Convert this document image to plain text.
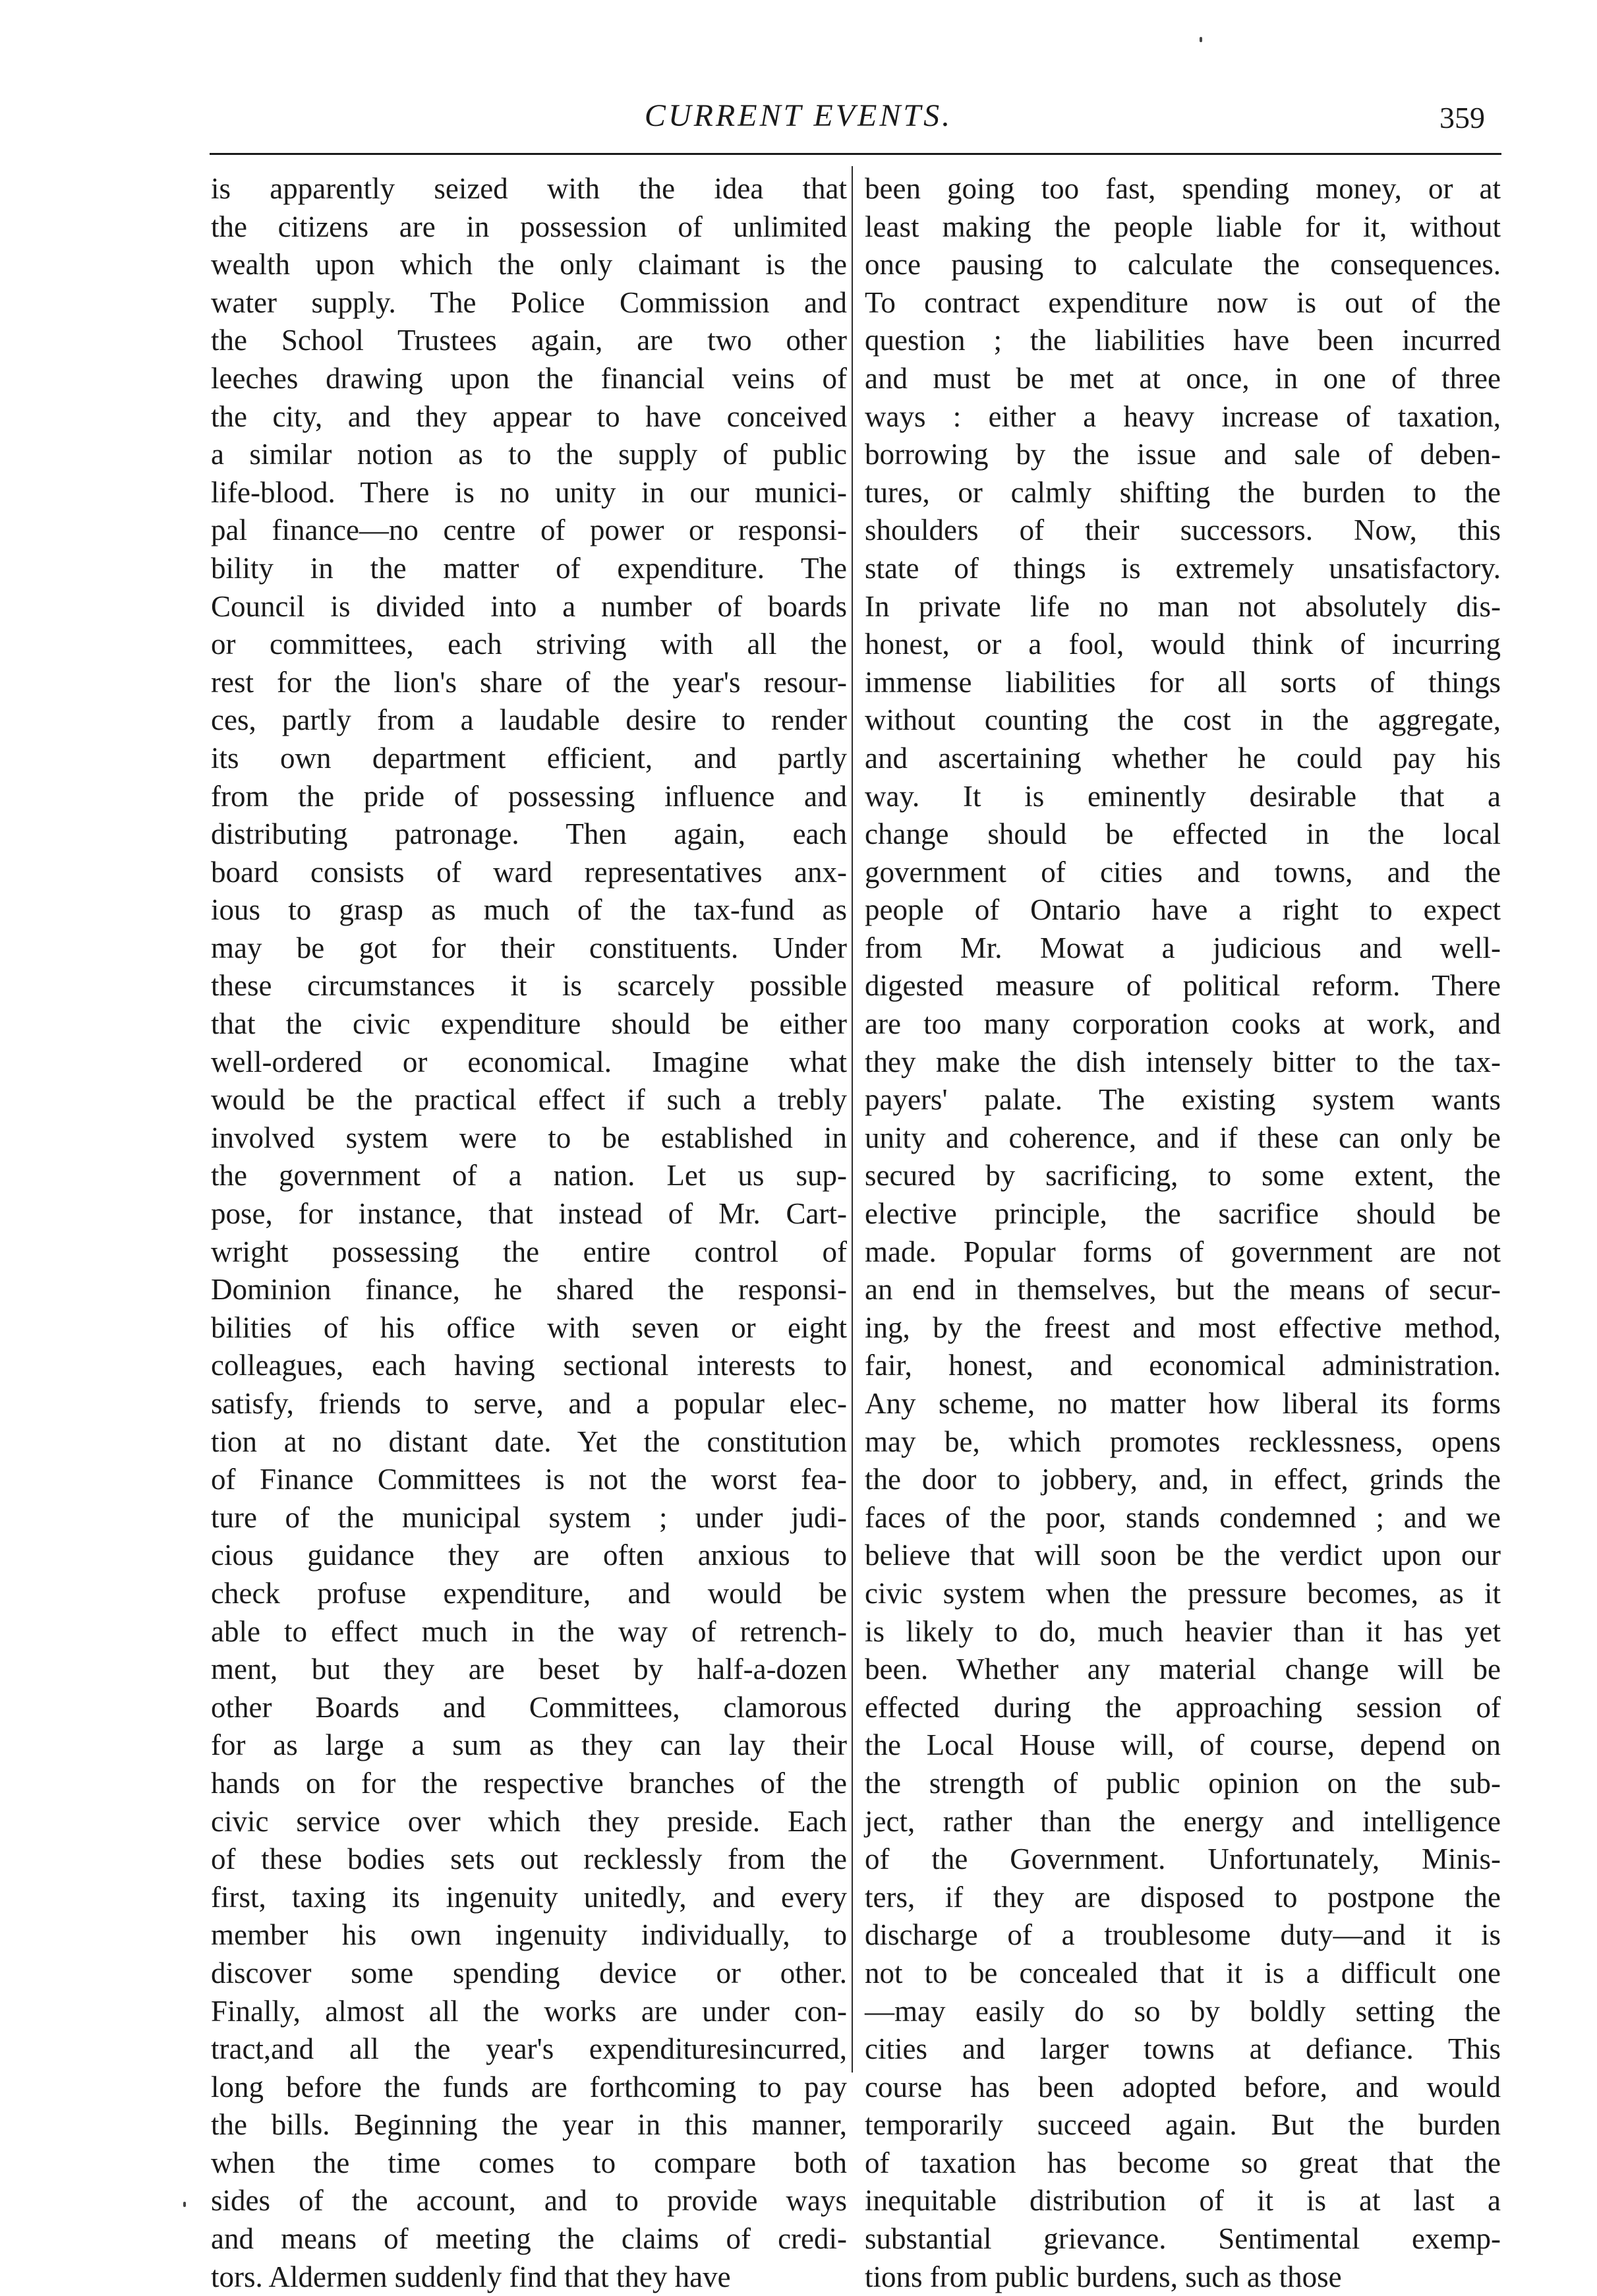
CURRENT EVENTS.	359
is apparently seized with the idea that
the citizens are in possession of unlimited
wealth upon which the only claimant is the
water supply. The Police Commission and
the School Trustees again, are two other
leeches drawing upon the financial veins of
the city, and they appear to have conceived
a similar notion as to the supply of public
life-blood. There is no unity in our munici-
pal finance—no centre of power or responsi-
bility in the matter of expenditure. The
Council is divided into a number of boards
or committees, each striving with all the
rest for the lion's share of the year's resour-
ces, partly from a laudable desire to render
its own department efficient, and partly
from the pride of possessing influence and
distributing patronage. Then again, each
board consists of ward representatives anx-
ious to grasp as much of the tax-fund as
may be got for their constituents. Under
these circumstances it is scarcely possible
that the civic expenditure should be either
well-ordered or economical. Imagine what
would be the practical effect if such a trebly
involved system were to be established in
the government of a nation. Let us sup-
pose, for instance, that instead of Mr. Cart-
wright possessing the entire control of
Dominion finance, he shared the responsi-
bilities of his office with seven or eight
colleagues, each having sectional interests to
satisfy, friends to serve, and a popular elec-
tion at no distant date. Yet the constitution
of Finance Committees is not the worst fea-
ture of the municipal system ; under judi-
cious guidance they are often anxious to
check profuse expenditure, and would be
able to effect much in the way of retrench-
ment, but they are beset by half-a-dozen
other Boards and Committees, clamorous
for as large a sum as they can lay their
hands on for the respective branches of the
civic service over which they preside. Each
of these bodies sets out recklessly from the
first, taxing its ingenuity unitedly, and every
member his own ingenuity individually, to
discover some spending device or other.
Finally, almost all the works are under con-
tract,and all the year's expendituresincurred,
long before the funds are forthcoming to pay
the bills. Beginning the year in this manner,
when the time comes to compare both
sides of the account, and to provide ways
and means of meeting the claims of credi-
tors. Aldermen suddenly find that they have
been going too fast, spending money, or at
least making the people liable for it, without
once pausing to calculate the consequences.
To contract expenditure now is out of the
question ; the liabilities have been incurred
and must be met at once, in one of three
ways : either a heavy increase of taxation,
borrowing by the issue and sale of deben-
tures, or calmly shifting the burden to the
shoulders of their successors. Now, this
state of things is extremely unsatisfactory.
In private life no man not absolutely dis-
honest, or a fool, would think of incurring
immense liabilities for all sorts of things
without counting the cost in the aggregate,
and ascertaining whether he could pay his
way. It is eminently desirable that a
change should be effected in the local
government of cities and towns, and the
people of Ontario have a right to expect
from Mr. Mowat a judicious and well-
digested measure of political reform. There
are too many corporation cooks at work, and
they make the dish intensely bitter to the tax-
payers' palate. The existing system wants
unity and coherence, and if these can only be
secured by sacrificing, to some extent, the
elective principle, the sacrifice should be
made. Popular forms of government are not
an end in themselves, but the means of secur-
ing, by the freest and most effective method,
fair, honest, and economical administration.
Any scheme, no matter how liberal its forms
may be, which promotes recklessness, opens
the door to jobbery, and, in effect, grinds the
faces of the poor, stands condemned ; and we
believe that will soon be the verdict upon our
civic system when the pressure becomes, as it
is likely to do, much heavier than it has yet
been. Whether any material change will be
effected during the approaching session of
the Local House will, of course, depend on
the strength of public opinion on the sub-
ject, rather than the energy and intelligence
of the Government. Unfortunately, Minis-
ters, if they are disposed to postpone the
discharge of a troublesome duty—and it is
not to be concealed that it is a difficult one
—may easily do so by boldly setting the
cities and larger towns at defiance. This
course has been adopted before, and would
temporarily succeed again. But the burden
of taxation has become so great that the
inequitable distribution of it is at last a
substantial grievance. Sentimental exemp-
tions from public burdens, such as those
